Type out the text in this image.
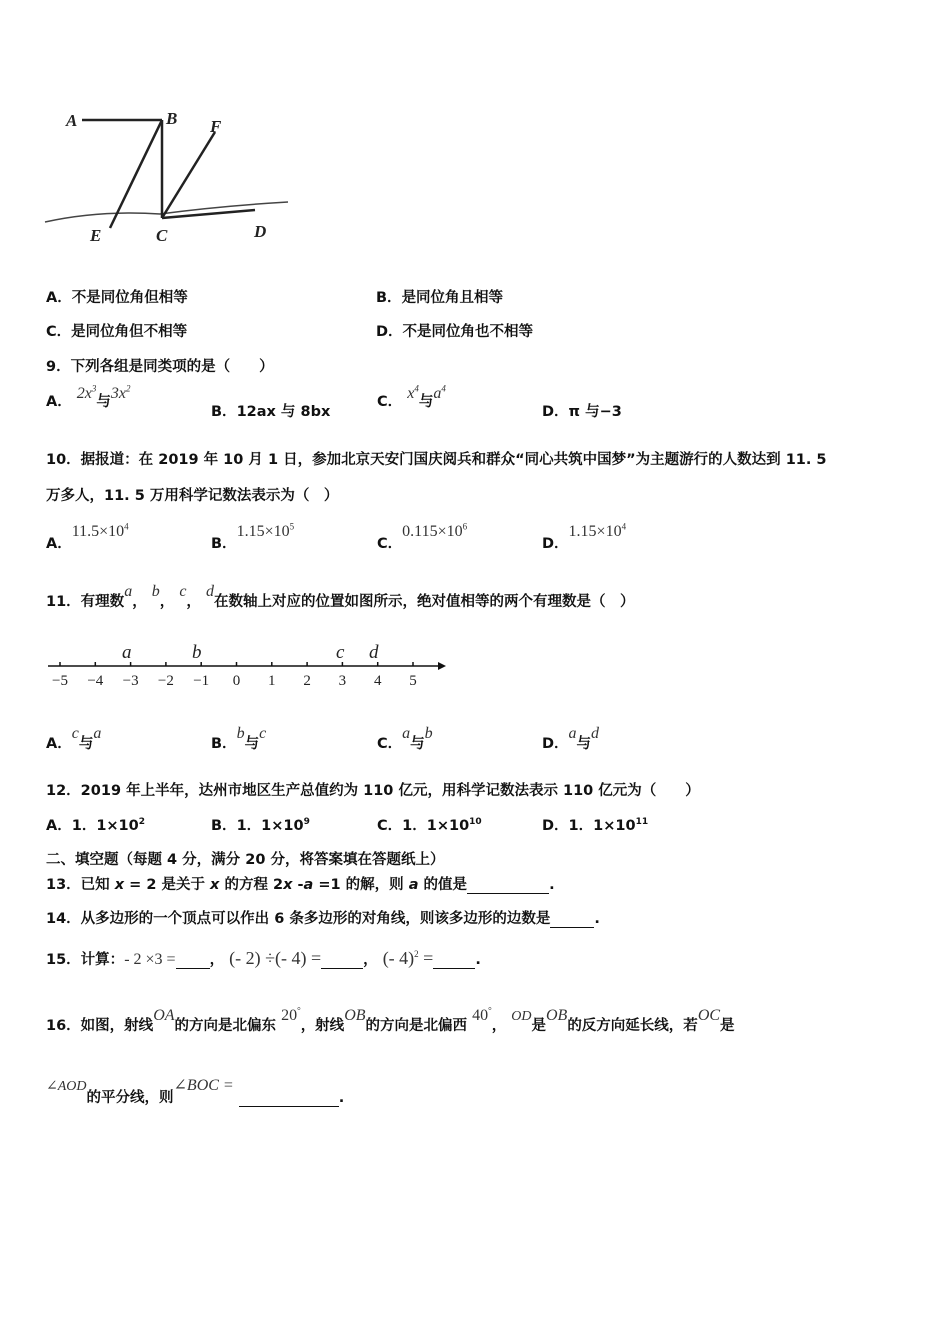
A	B F
E	C	D
A．不是同位角但相等	B．是同位角且相等
C．是同位角但不相等	D．不是同位角也不相等
9．下列各组是同类项的是（　　）
A． $2x^3$与$3x^2$
B．12ax 与 8bx
C． $x^4$与$a^4$
D．π 与−3
10．据报道：在 2019 年 10 月 1 日，参加北京天安门国庆阅兵和群众“同心共筑中国梦”为主题游行的人数达到 11. 5
万多人，11. 5 万用科学记数法表示为（　）
A．$11.5\times 10^4$
B．$1.15\times 10^5$
C．$0.115\times 10^6$
D．$1.15\times 10^4$
11．有理数a， b， c， d在数轴上对应的位置如图所示，绝对值相等的两个有理数是（　）
−5 −4 −3 −2 −1 0 1 2 3 4 5
a	b	c d
A．c与a
B．b与c
C．a与b
D．a与d
12．2019 年上半年，达州市地区生产总值约为 110 亿元，用科学记数法表示 110 亿元为（　　）
A．1．$1\times 10^2$	B．1．$1\times 10^9$	C．1．$1\times 10^{10}$	D．1．$1\times 10^{11}$
二、填空题（每题 4 分，满分 20 分，将答案填在答题纸上）
13．已知 x = 2 是关于 x 的方程 2x -a =1 的解，则 a 的值是	.
14．从多边形的一个顶点可以作出 6 条多边形的对角线，则该多边形的边数是	.
15．计算：- 2 ×3 = ， (- 2) ÷(- 4) =	， (- 4)$^2$ =	.
16．如图，射线OA的方向是北偏东 20°，射线OB的方向是北偏西 40°， OD是OB的反方向延长线，若OC是
∠AOD的平分线，则∠BOC =  .
